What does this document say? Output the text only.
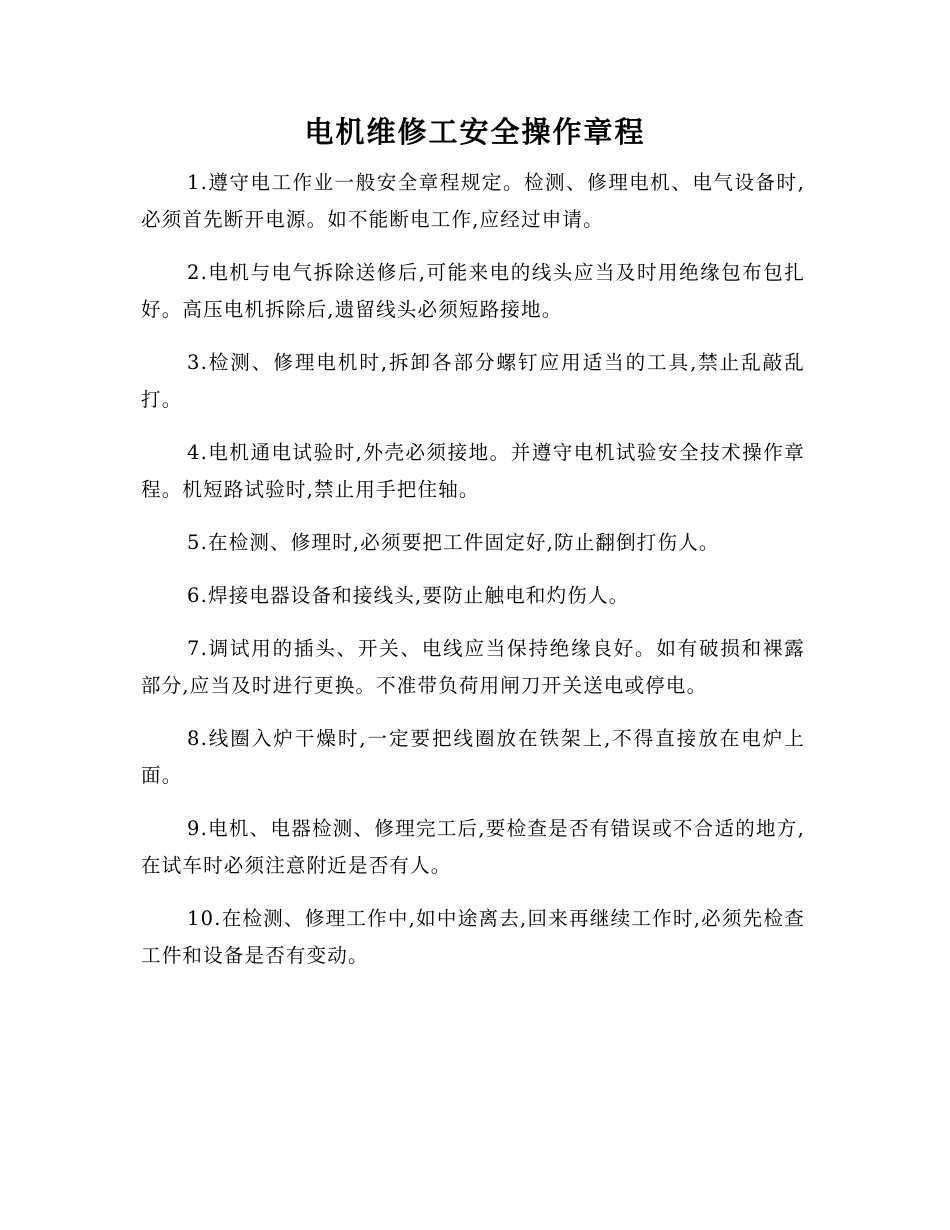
电机维修工安全操作章程

1.遵守电工作业一般安全章程规定。检测、修理电机、电气设备时,必须首先断开电源。如不能断电工作,应经过申请。

2.电机与电气拆除送修后,可能来电的线头应当及时用绝缘包布包扎好。高压电机拆除后,遗留线头必须短路接地。

3.检测、修理电机时,拆卸各部分螺钉应用适当的工具,禁止乱敲乱打。

4.电机通电试验时,外壳必须接地。并遵守电机试验安全技术操作章程。机短路试验时,禁止用手把住轴。

5.在检测、修理时,必须要把工件固定好,防止翻倒打伤人。

6.焊接电器设备和接线头,要防止触电和灼伤人。

7.调试用的插头、开关、电线应当保持绝缘良好。如有破损和裸露部分,应当及时进行更换。不准带负荷用闸刀开关送电或停电。

8.线圈入炉干燥时,一定要把线圈放在铁架上,不得直接放在电炉上面。

9.电机、电器检测、修理完工后,要检查是否有错误或不合适的地方,在试车时必须注意附近是否有人。

10.在检测、修理工作中,如中途离去,回来再继续工作时,必须先检查工件和设备是否有变动。
